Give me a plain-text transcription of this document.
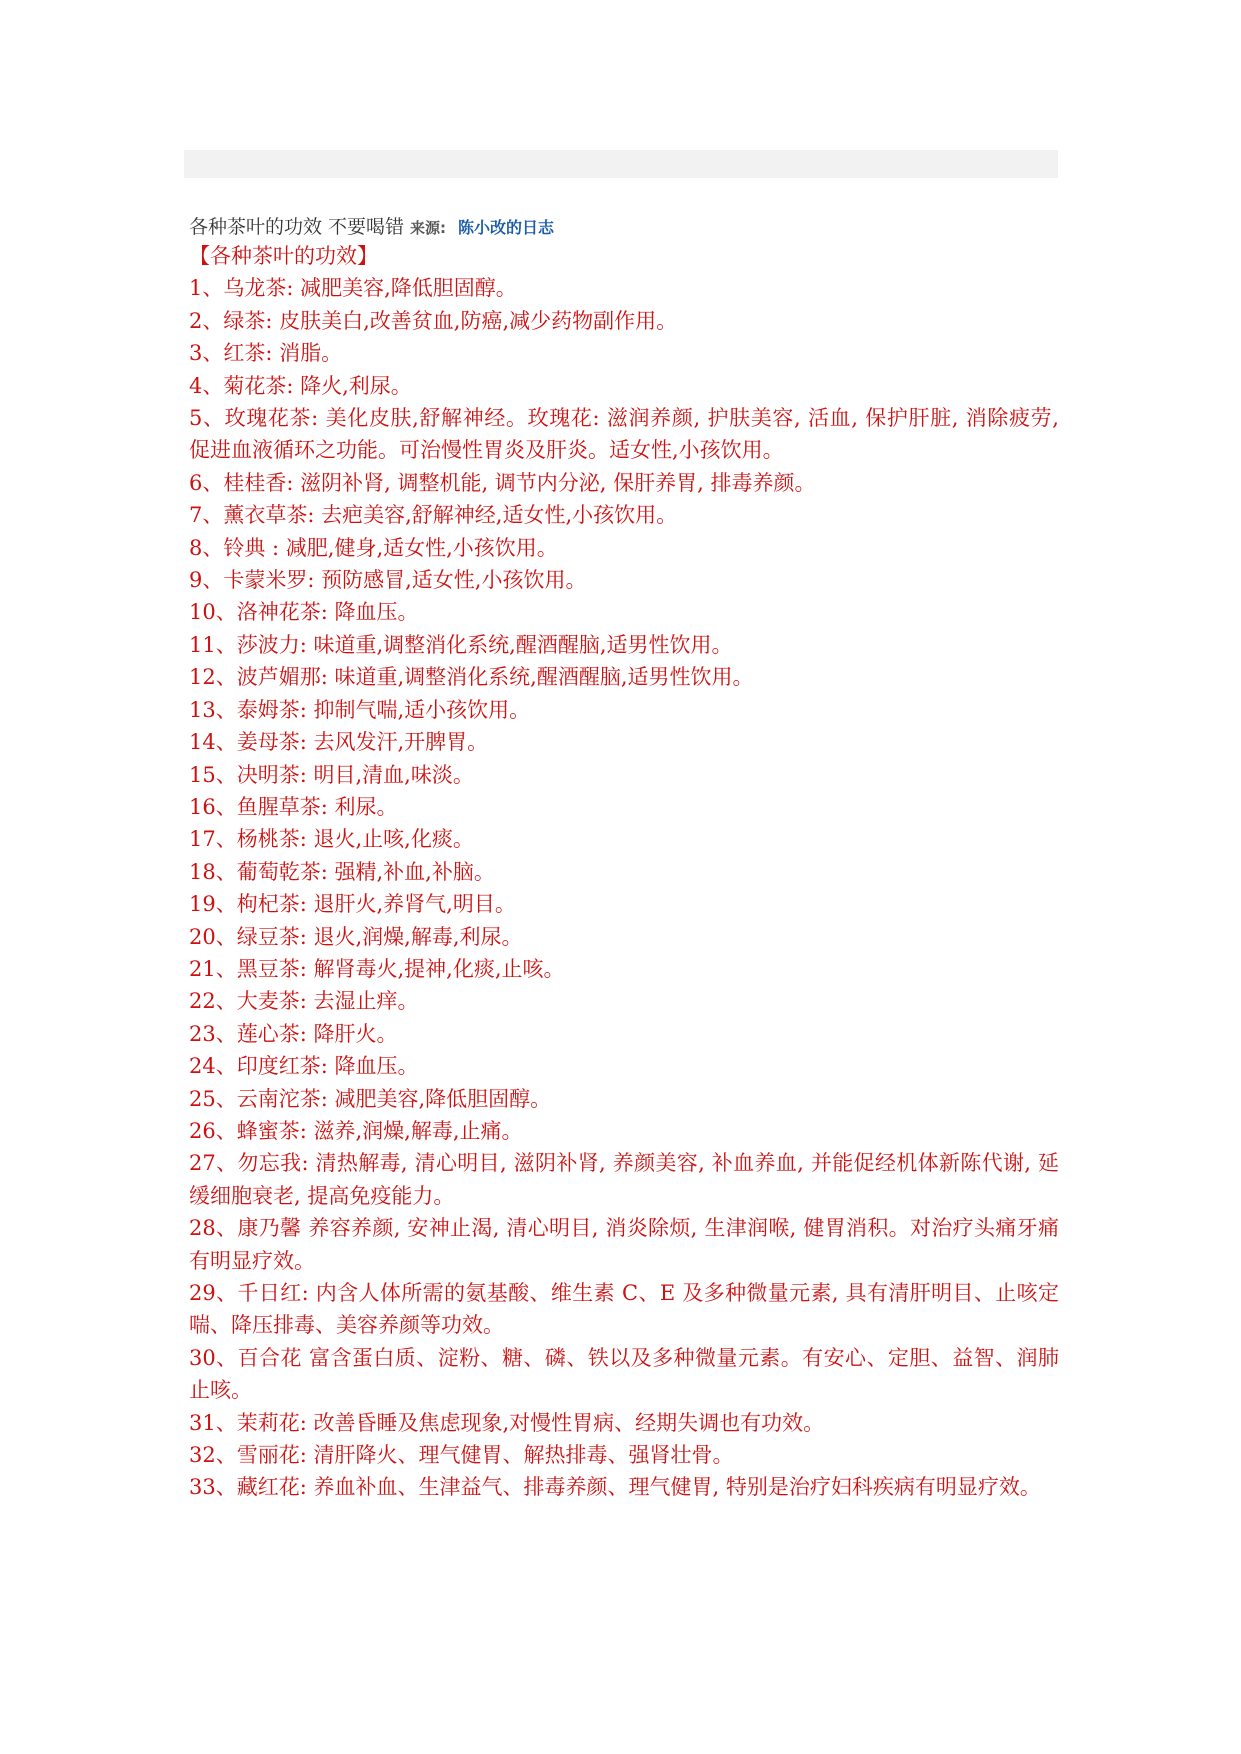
各种茶叶的功效 不要喝错 来源: 陈小改的日志

【各种茶叶的功效】

1、乌龙茶: 减肥美容,降低胆固醇。

2、绿茶: 皮肤美白,改善贫血,防癌,减少药物副作用。

3、红茶: 消脂。

4、菊花茶: 降火,利尿。

5、玫瑰花茶: 美化皮肤,舒解神经。玫瑰花: 滋润养颜, 护肤美容, 活血, 保护肝脏, 消除疲劳, 促进血液循环之功能。可治慢性胃炎及肝炎。适女性,小孩饮用。

6、桂桂香: 滋阴补肾, 调整机能, 调节内分泌, 保肝养胃, 排毒养颜。

7、薰衣草茶: 去疤美容,舒解神经,适女性,小孩饮用。

8、铃典 : 减肥,健身,适女性,小孩饮用。

9、卡蒙米罗: 预防感冒,适女性,小孩饮用。

10、洛神花茶: 降血压。

11、莎波力: 味道重,调整消化系统,醒酒醒脑,适男性饮用。

12、波芦媚那: 味道重,调整消化系统,醒酒醒脑,适男性饮用。

13、泰姆茶: 抑制气喘,适小孩饮用。

14、姜母茶: 去风发汗,开脾胃。

15、决明茶: 明目,清血,味淡。

16、鱼腥草茶: 利尿。

17、杨桃茶: 退火,止咳,化痰。

18、葡萄乾茶: 强精,补血,补脑。

19、枸杞茶: 退肝火,养肾气,明目。

20、绿豆茶: 退火,润燥,解毒,利尿。

21、黑豆茶: 解肾毒火,提神,化痰,止咳。

22、大麦茶: 去湿止痒。

23、莲心茶: 降肝火。

24、印度红茶: 降血压。

25、云南沱茶: 减肥美容,降低胆固醇。

26、蜂蜜茶: 滋养,润燥,解毒,止痛。

27、勿忘我: 清热解毒, 清心明目, 滋阴补肾, 养颜美容, 补血养血, 并能促经机体新陈代谢, 延缓细胞衰老, 提高免疫能力。

28、康乃馨 养容养颜, 安神止渴, 清心明目, 消炎除烦, 生津润喉, 健胃消积。对治疗头痛牙痛有明显疗效。

29、千日红: 内含人体所需的氨基酸、维生素 C、E 及多种微量元素, 具有清肝明目、止咳定喘、降压排毒、美容养颜等功效。

30、百合花 富含蛋白质、淀粉、糖、磷、铁以及多种微量元素。有安心、定胆、益智、润肺止咳。

31、茉莉花: 改善昏睡及焦虑现象,对慢性胃病、经期失调也有功效。

32、雪丽花: 清肝降火、理气健胃、解热排毒、强肾壮骨。

33、藏红花: 养血补血、生津益气、排毒养颜、理气健胃, 特别是治疗妇科疾病有明显疗效。
